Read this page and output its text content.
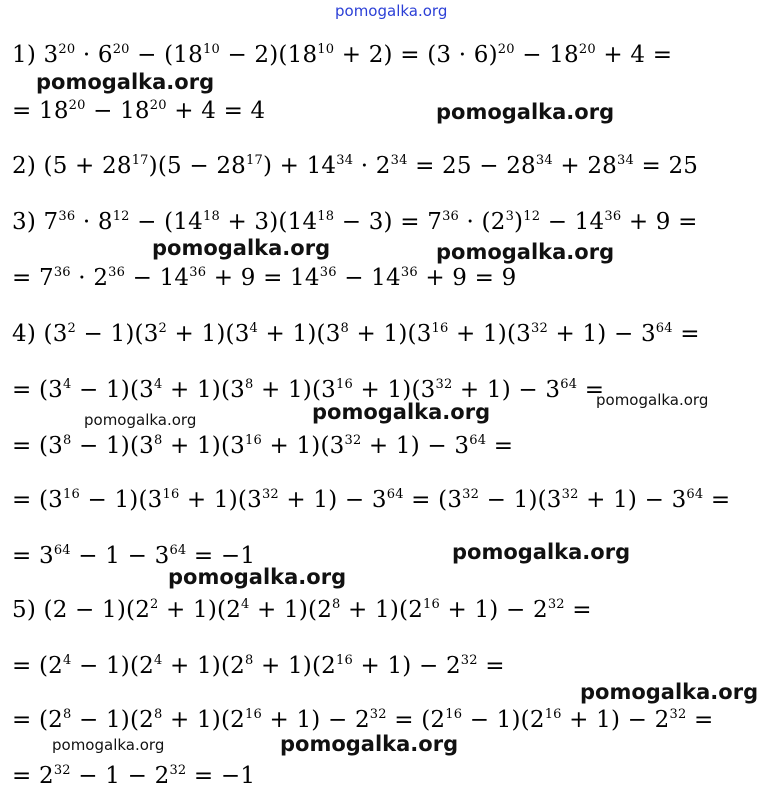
pomogalka.org
1) $3^{20} \cdot 6^{20} - (18^{10} - 2)(18^{10} + 2) = (3 \cdot 6)^{20} - 18^{20} + 4$ =
= $18^{20} - 18^{20} + 4 = 4$
2) $(5 + 28^{17})(5 - 28^{17}) + 14^{34} \cdot 2^{34} = 25 - 28^{34} + 28^{34} = 25$
3) $7^{36} \cdot 8^{12} - (14^{18} + 3)(14^{18} - 3) = 7^{36} \cdot (2^3)^{12} - 14^{36} + 9$ =
= $7^{36} \cdot 2^{36} - 14^{36} + 9 = 14^{36} - 14^{36} + 9 = 9$
4) $(3^2 - 1)(3^2 + 1)(3^4 + 1)(3^8 + 1)(3^{16} + 1)(3^{32} + 1) - 3^{64}$ =
= $(3^4 - 1)(3^4 + 1)(3^8 + 1)(3^{16} + 1)(3^{32} + 1) - 3^{64}$ =
= $(3^8 - 1)(3^8 + 1)(3^{16} + 1)(3^{32} + 1) - 3^{64}$ =
= $(3^{16} - 1)(3^{16} + 1)(3^{32} + 1) - 3^{64} = (3^{32} - 1)(3^{32} + 1) - 3^{64}$ =
= $3^{64} - 1 - 3^{64} = -1$
5) $(2 - 1)(2^2 + 1)(2^4 + 1)(2^8 + 1)(2^{16} + 1) - 2^{32}$ =
= $(2^4 - 1)(2^4 + 1)(2^8 + 1)(2^{16} + 1) - 2^{32}$ =
= $(2^8 - 1)(2^8 + 1)(2^{16} + 1) - 2^{32} = (2^{16} - 1)(2^{16} + 1) - 2^{32}$ =
= $2^{32} - 1 - 2^{32} = -1$
pomogalka.org
pomogalka.org
pomogalka.org	pomogalka.org
pomogalka.org	pomogalka.org	pomogalka.org
pomogalka.org
pomogalka.org
pomogalka.org
pomogalka.org	pomogalka.org
